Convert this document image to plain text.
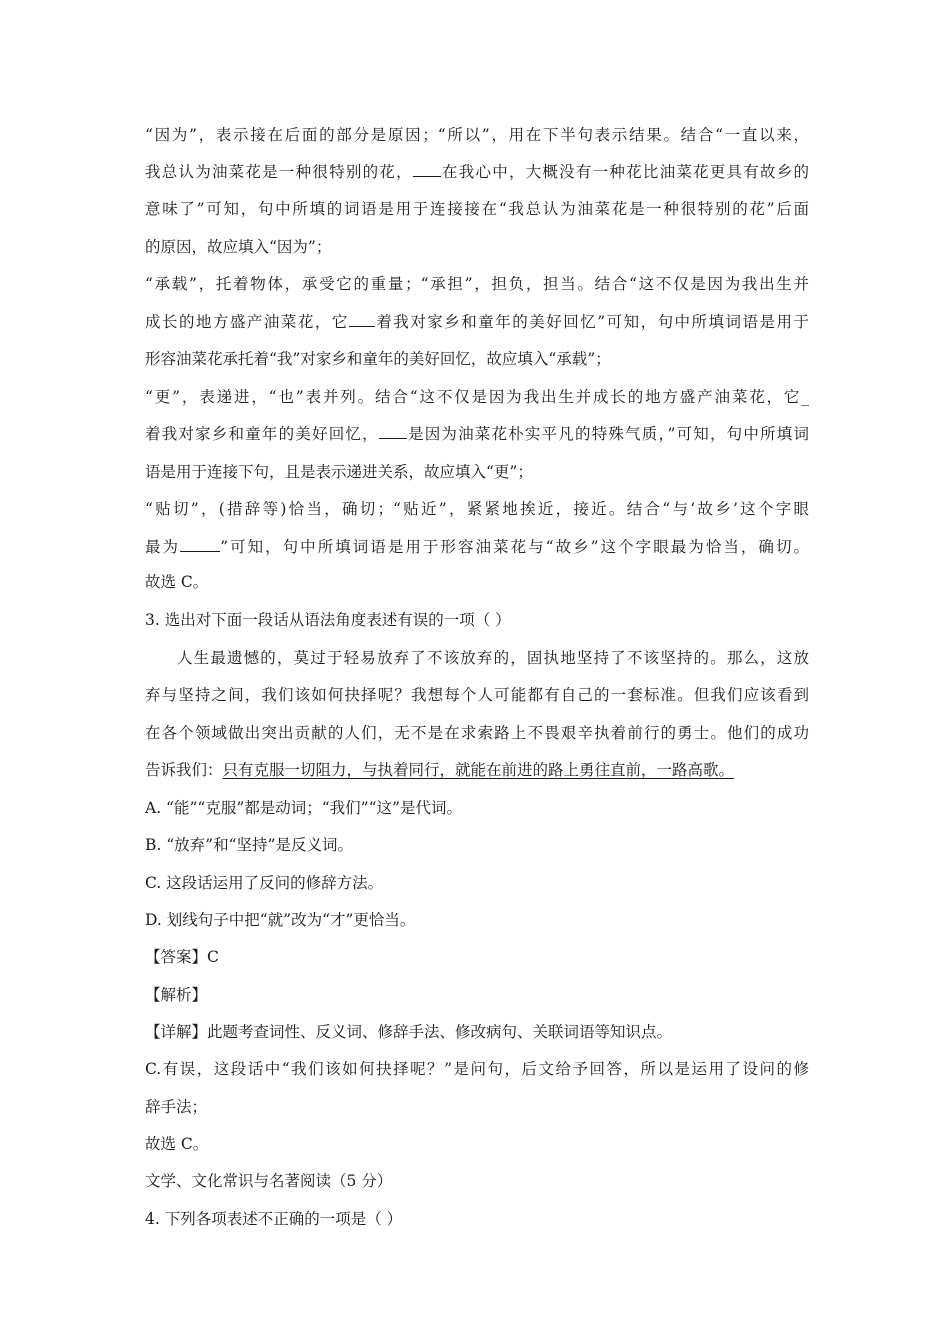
“因为”，表示接在后面的部分是原因；“所以”，用在下半句表示结果。结合“一直以来，
我总认为油菜花是一种很特别的花， 在我心中，大概没有一种花比油菜花更具有故乡的
意味了”可知，句中所填的词语是用于连接接在“我总认为油菜花是一种很特别的花”后面
的原因，故应填入“因为”；
“承载”，托着物体，承受它的重量；“承担”，担负，担当。结合“这不仅是因为我出生并
成长的地方盛产油菜花，它 着我对家乡和童年的美好回忆”可知，句中所填词语是用于
形容油菜花承托着“我”对家乡和童年的美好回忆，故应填入“承载”；
“更”，表递进，“也”表并列。结合“这不仅是因为我出生并成长的地方盛产油菜花，它_
着我对家乡和童年的美好回忆， 是因为油菜花朴实平凡的特殊气质，”可知，句中所填词
语是用于连接下句，且是表示递进关系，故应填入“更”；
“贴切”，(措辞等)恰当，确切；“贴近”，紧紧地挨近，接近。结合“与‘故乡’这个字眼
最为	”可知，句中所填词语是用于形容油菜花与“故乡”这个字眼最为恰当，确切。
故选 C。
3. 选出对下面一段话从语法角度表述有误的一项（ ）
人生最遗憾的，莫过于轻易放弃了不该放弃的，固执地坚持了不该坚持的。那么，这放
弃与坚持之间，我们该如何抉择呢？我想每个人可能都有自己的一套标准。但我们应该看到
在各个领域做出突出贡献的人们，无不是在求索路上不畏艰辛执着前行的勇士。他们的成功
告诉我们：只有克服一切阻力，与执着同行，就能在前进的路上勇往直前，一路高歌。
A. “能”“克服”都是动词；“我们”“这”是代词。
B. “放弃”和“坚持”是反义词。
C. 这段话运用了反问的修辞方法。
D. 划线句子中把“就”改为“才”更恰当。
【答案】C
【解析】
【详解】此题考查词性、反义词、修辞手法、修改病句、关联词语等知识点。
C.有误，这段话中“我们该如何抉择呢？”是问句，后文给予回答，所以是运用了设问的修
辞手法；
故选 C。
文学、文化常识与名著阅读（5 分）
4. 下列各项表述不正确的一项是（ ）
